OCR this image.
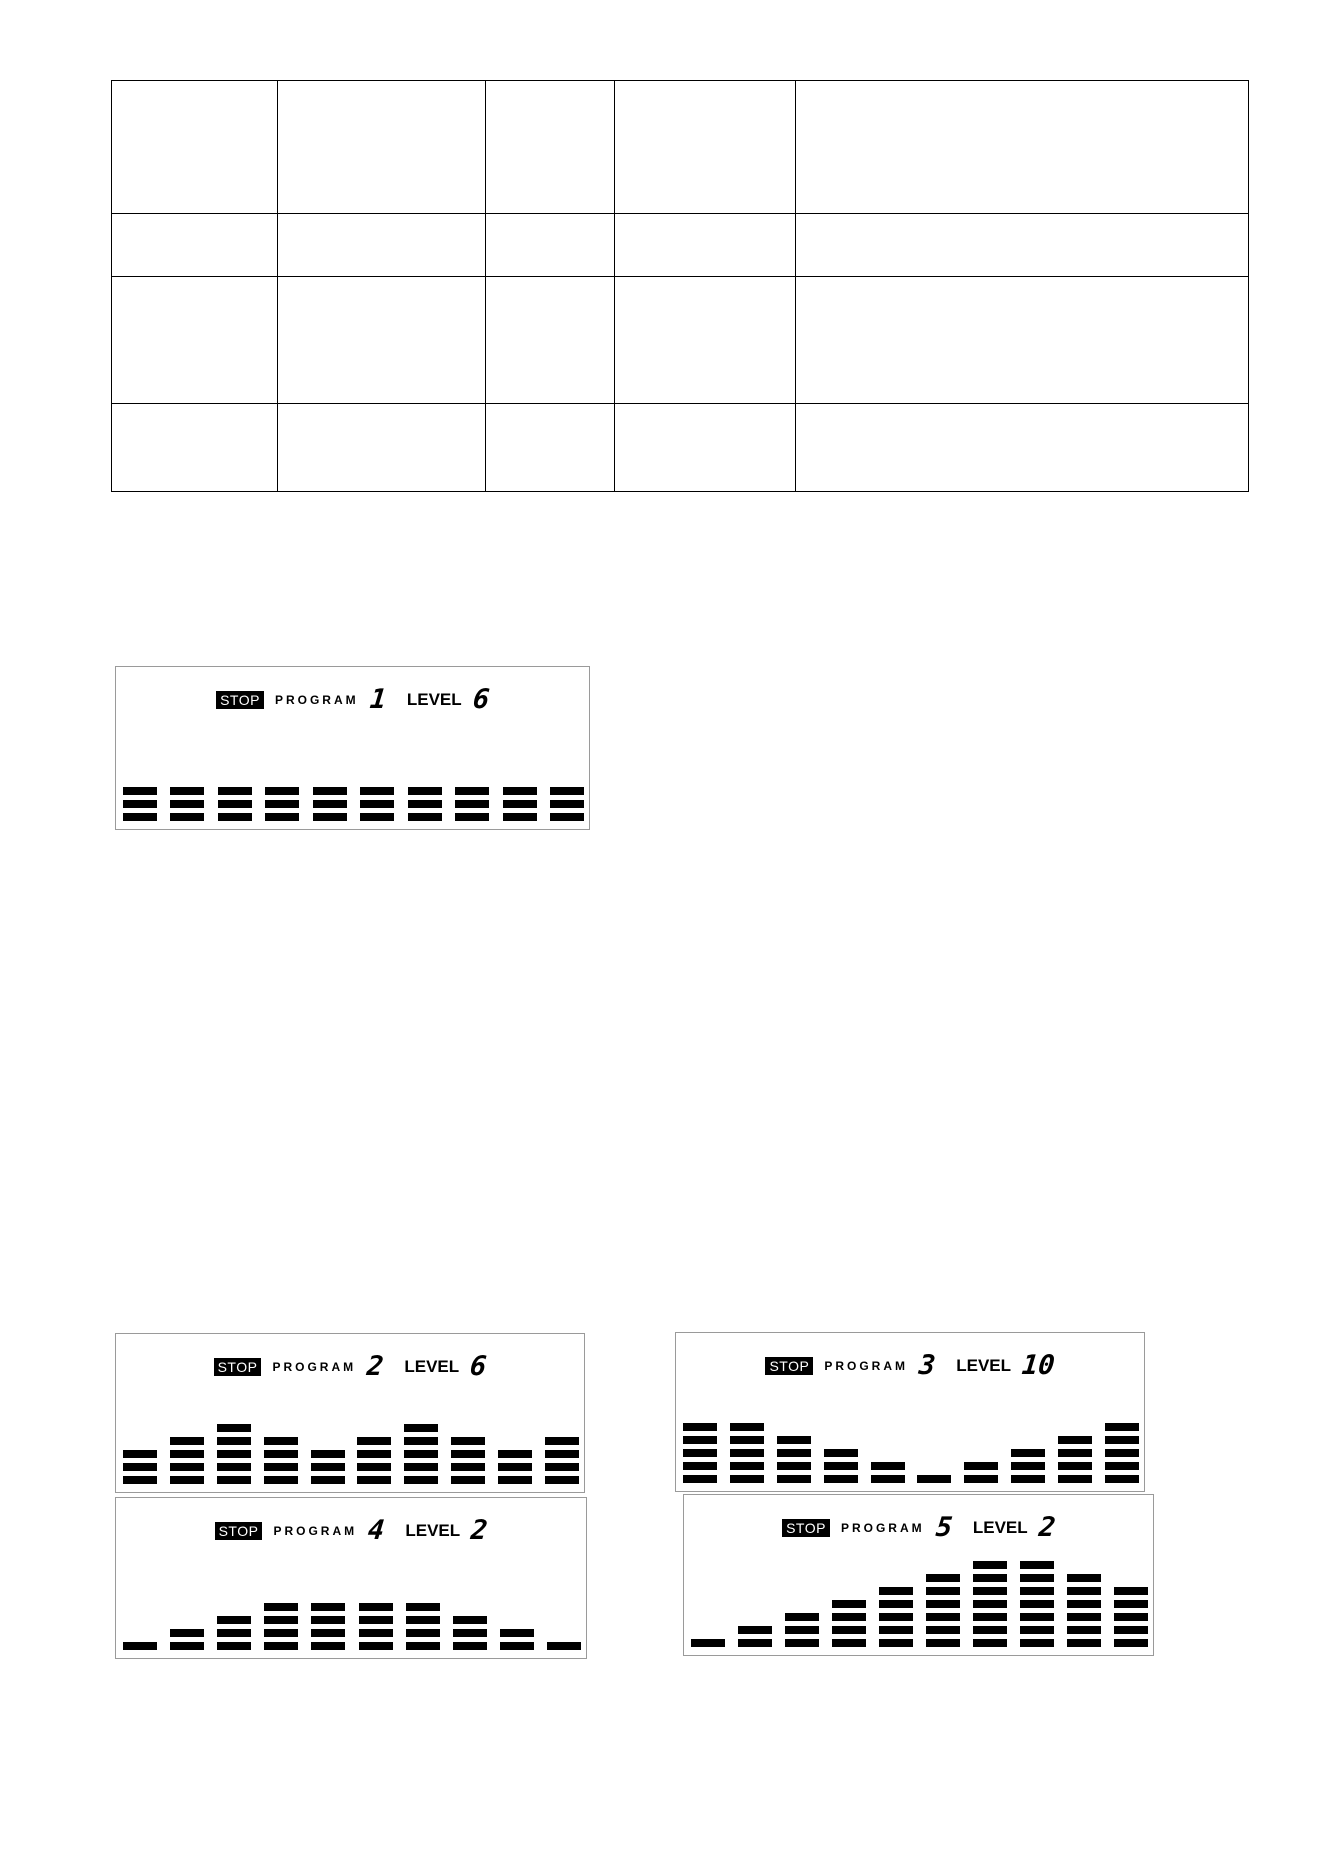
STOP	PROGRAM 1 LEVEL 6
STOP	PROGRAM 2 LEVEL 6	STOP	PROGRAM 3 LEVEL 10
STOP	PROGRAM 4 LEVEL 2	STOP	PROGRAM 5 LEVEL 2
